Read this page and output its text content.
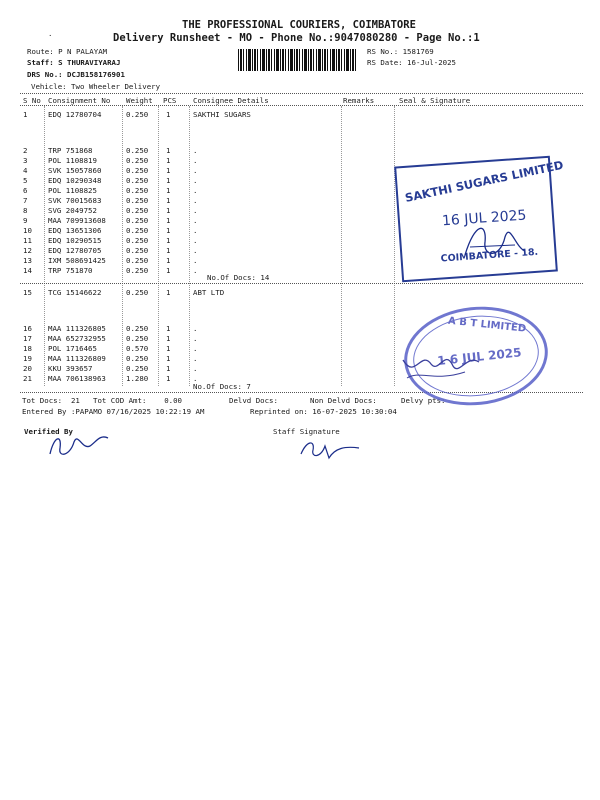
THE PROFESSIONAL COURIERS, COIMBATORE
Delivery Runsheet - MO - Phone No.:9047080280 - Page No.:1
.
Route: P N PALAYAM
Staff: S THURAVIYARAJ
DRS No.: DCJB158176901
Vehicle: Two Wheeler Delivery
RS No.: 1581769
RS Date: 16-Jul-2025
S No Consignment No Weight PCS Consignee Details	Remarks	Seal & Signature
1	EDQ 12780704	0.250 1	SAKTHI SUGARS
2	TRP 751868	0.250 1	.
3	POL 1108819	0.250 1	.
4	SVK 15057860	0.250 1	.
5	EDQ 10290348	0.250 1	.
6	POL 1108825	0.250 1	.
7	SVK 70015683	0.250 1	.
8	SVG 2049752	0.250 1	.
9	MAA 709913608	0.250 1	.
10 EDQ 13651306	0.250 1	.
11 EDQ 10290515	0.250 1	.
12 EDQ 12780705	0.250 1	.
13 IXM 508691425	0.250 1	.
14 TRP 751870	0.250 1	.
15 TCG 15146622	0.250 1	ABT LTD
16 MAA 111326805	0.250 1	.
17 MAA 652732955	0.250 1	.
18 POL 1716465	0.570 1	.
19 MAA 111326809	0.250 1	.
20 KKU 393657	0.250 1	.
21 MAA 706138963	1.280 1	.
No.Of Docs: 14
No.Of Docs: 7
Tot Docs:  21 Tot COD Amt:    0.00	Delvd Docs:	Non Delvd Docs:	Delvy pts:
Entered By :PAPAMO 07/16/2025 10:22:19 AM	Reprinted on: 16-07-2025 10:30:04
Verified By	Staff Signature
SAKTHI SUGARS LIMITED
16 JUL 2025
COIMBATORE - 18.
A B T LIMITED
1 6 JUL 2025
